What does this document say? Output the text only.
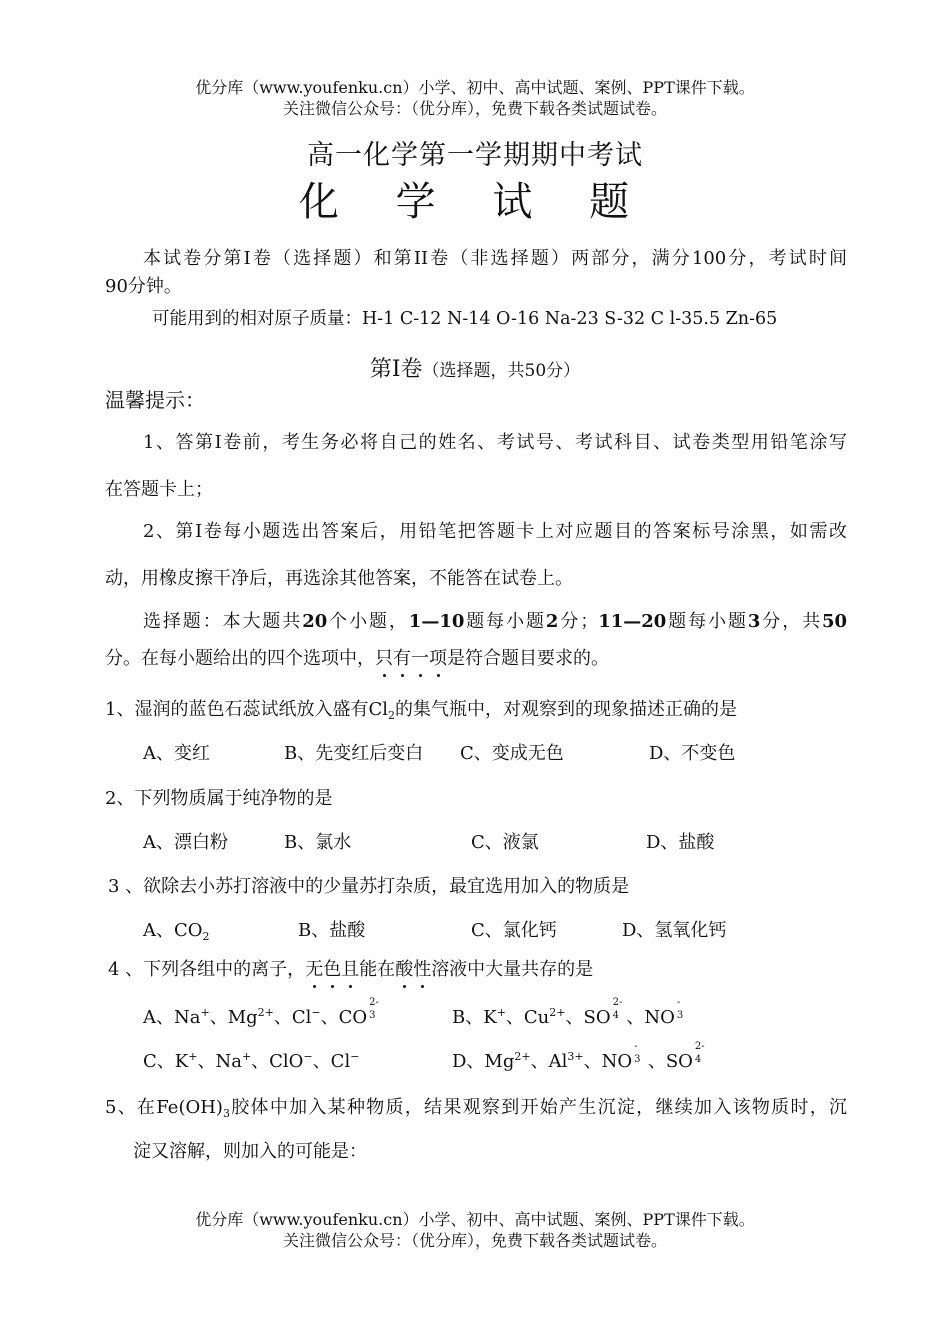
优分库（www.youfenku.cn）小学、初中、高中试题、案例、PPT课件下载。
关注微信公众号：（优分库），免费下载各类试题试卷。
高一化学第一学期期中考试
化 学 试 题
本试卷分第I卷（选择题）和第II卷（非选择题）两部分，满分100分，考试时间
90分钟。
可能用到的相对原子质量：H-1 C-12 N-14 O-16 Na-23 S-32 C l-35.5 Zn-65
第I卷（选择题，共50分）
温馨提示：
1、答第I卷前，考生务必将自己的姓名、考试号、考试科目、试卷类型用铅笔涂写
在答题卡上；
2、第I卷每小题选出答案后，用铅笔把答题卡上对应题目的答案标号涂黑，如需改
动，用橡皮擦干净后，再选涂其他答案，不能答在试卷上。
选择题：本大题共20个小题，1—10题每小题2分；11—20题每小题3分，共50
分。在每小题给出的四个选项中，只有一项是符合题目要求的。
1、湿润的蓝色石蕊试纸放入盛有$Cl_2$的集气瓶中，对观察到的现象描述正确的是
A、变红	B、先变红后变白 C、变成无色	D、不变色
2、下列物质属于纯净物的是
A、漂白粉	B、氯水	C、液氯	D、盐酸
3 、欲除去小苏打溶液中的少量苏打杂质，最宜选用加入的物质是
A、$CO_2$	B、盐酸	C、氯化钙	D、氢氧化钙
4 、下列各组中的离子，无色且能在酸性溶液中大量共存的是
A、Na+、$Mg^{2+}$、Cl−、CO
2-
3	B、K+、$Cu^{2+}$、SO
2-
4 、NO
-
3
C、K+、Na+、ClO−、Cl−	D、$Mg^{2+}$、$Al^{3+}$、NO
-
3 、SO
2-
4
5、在$Fe(OH)_3$胶体中加入某种物质，结果观察到开始产生沉淀，继续加入该物质时，沉
淀又溶解，则加入的可能是：
优分库（www.youfenku.cn）小学、初中、高中试题、案例、PPT课件下载。
关注微信公众号：（优分库），免费下载各类试题试卷。
